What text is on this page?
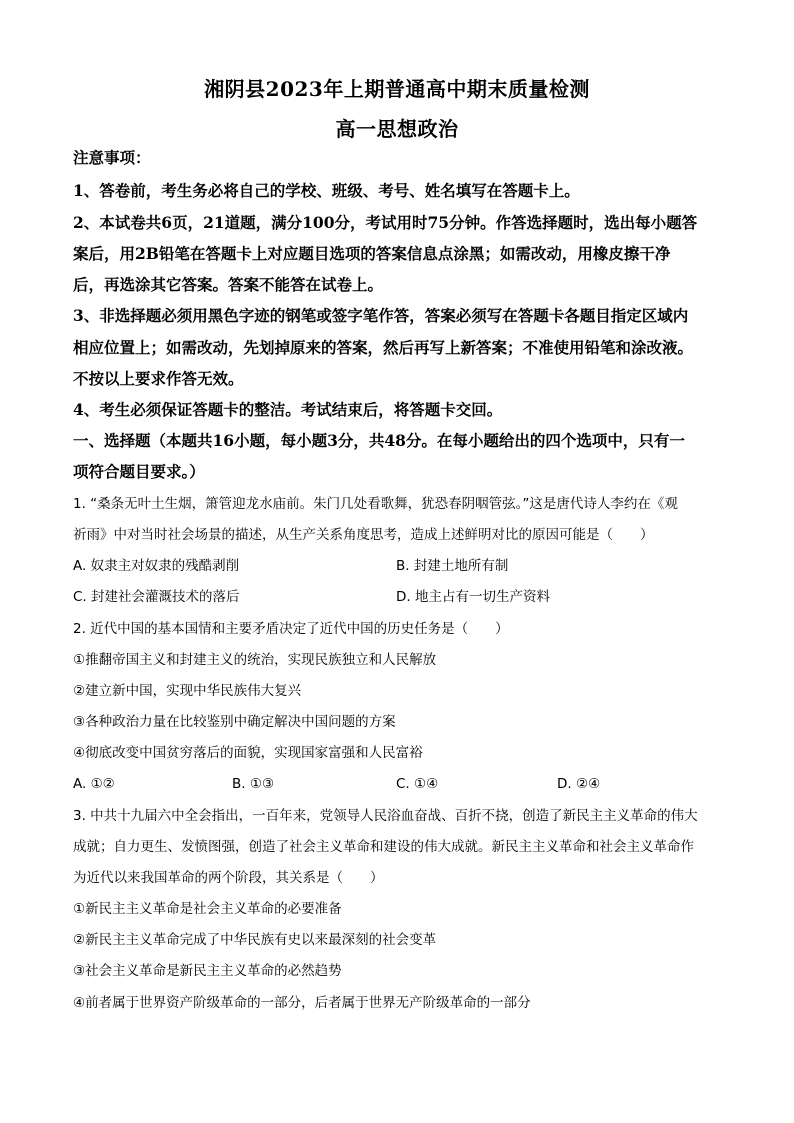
湘阴县2023年上期普通高中期末质量检测
高一思想政治
注意事项：
1、答卷前，考生务必将自己的学校、班级、考号、姓名填写在答题卡上。
2、本试卷共6页，21道题，满分100分，考试用时75分钟。作答选择题时，选出每小题答
案后，用2B铅笔在答题卡上对应题目选项的答案信息点涂黑；如需改动，用橡皮擦干净
后，再选涂其它答案。答案不能答在试卷上。
3、非选择题必须用黑色字迹的钢笔或签字笔作答，答案必须写在答题卡各题目指定区域内
相应位置上；如需改动，先划掉原来的答案，然后再写上新答案；不准使用铅笔和涂改液。
不按以上要求作答无效。
4、考生必须保证答题卡的整洁。考试结束后，将答题卡交回。
一、选择题（本题共16小题，每小题3分，共48分。在每小题给出的四个选项中，只有一
项符合题目要求。）
1. “桑条无叶土生烟，箫管迎龙水庙前。朱门几处看歌舞，犹恐春阴咽管弦。”这是唐代诗人李约在《观
祈雨》中对当时社会场景的描述，从生产关系角度思考，造成上述鲜明对比的原因可能是（　　）
A. 奴隶主对奴隶的残酷剥削	B. 封建土地所有制
C. 封建社会灌溉技术的落后	D. 地主占有一切生产资料
2. 近代中国的基本国情和主要矛盾决定了近代中国的历史任务是（　　）
①推翻帝国主义和封建主义的统治，实现民族独立和人民解放
②建立新中国，实现中华民族伟大复兴
③各种政治力量在比较鉴别中确定解决中国问题的方案
④彻底改变中国贫穷落后的面貌，实现国家富强和人民富裕
A. ①②	B. ①③	C. ①④	D. ②④
3. 中共十九届六中全会指出，一百年来，党领导人民浴血奋战、百折不挠，创造了新民主主义革命的伟大
成就；自力更生、发愤图强，创造了社会主义革命和建设的伟大成就。新民主主义革命和社会主义革命作
为近代以来我国革命的两个阶段，其关系是（　　）
①新民主主义革命是社会主义革命的必要准备
②新民主主义革命完成了中华民族有史以来最深刻的社会变革
③社会主义革命是新民主主义革命的必然趋势
④前者属于世界资产阶级革命的一部分，后者属于世界无产阶级革命的一部分
